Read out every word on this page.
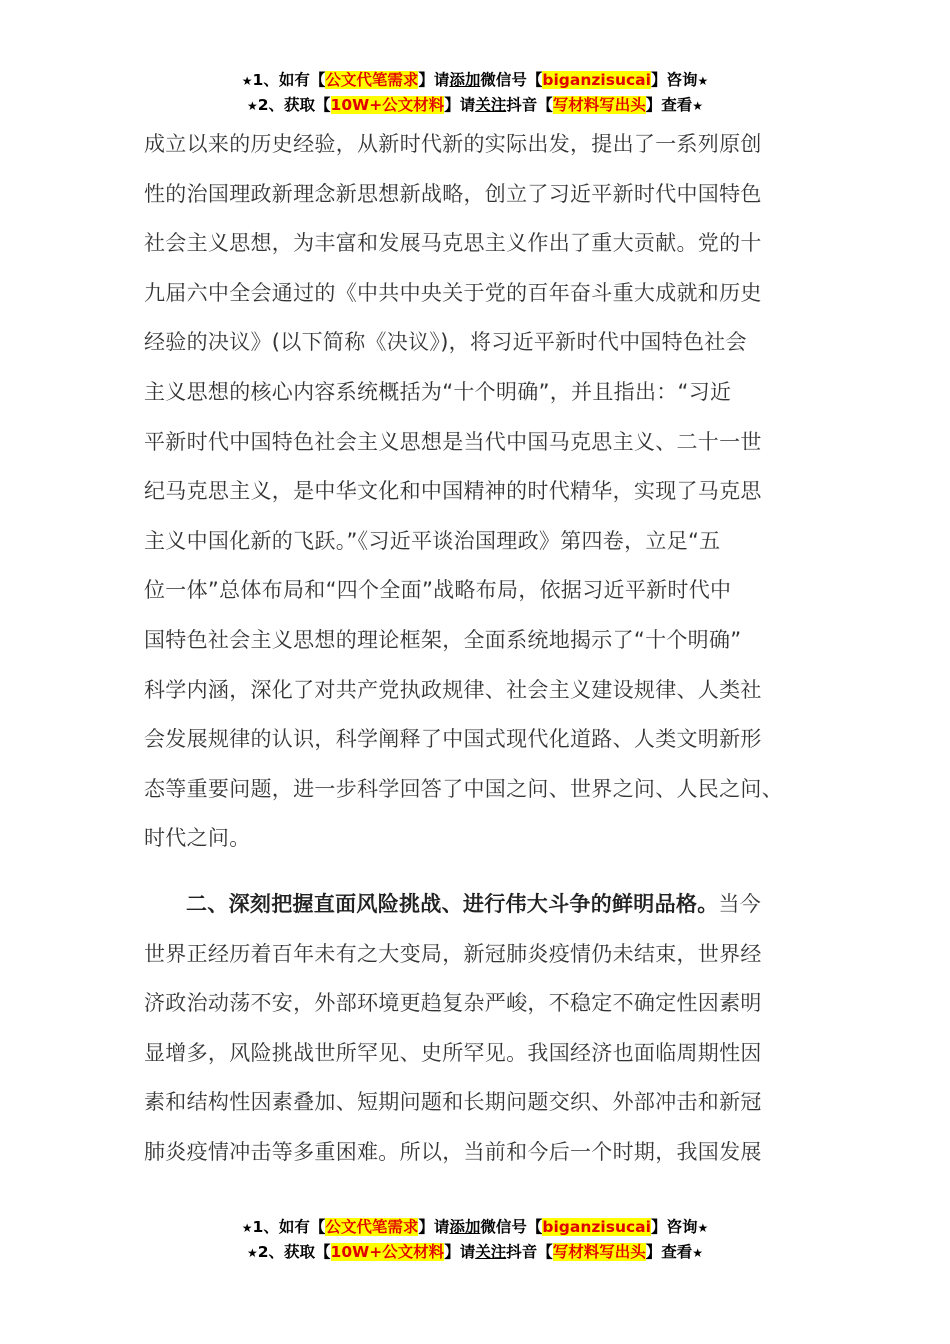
★1、如有【公文代笔需求】请添加微信号【biganzisucai】咨询★
★2、获取【10W+公文材料】请关注抖音【写材料写出头】查看★
成立以来的历史经验，从新时代新的实际出发，提出了一系列原创
性的治国理政新理念新思想新战略，创立了习近平新时代中国特色
社会主义思想，为丰富和发展马克思主义作出了重大贡献。党的十
九届六中全会通过的《中共中央关于党的百年奋斗重大成就和历史
经验的决议》(以下简称《决议》)，将习近平新时代中国特色社会
主义思想的核心内容系统概括为“十个明确”，并且指出：“习近
平新时代中国特色社会主义思想是当代中国马克思主义、二十一世
纪马克思主义，是中华文化和中国精神的时代精华，实现了马克思
主义中国化新的飞跃。”《习近平谈治国理政》第四卷，立足“五
位一体”总体布局和“四个全面”战略布局，依据习近平新时代中
国特色社会主义思想的理论框架，全面系统地揭示了“十个明确”
科学内涵，深化了对共产党执政规律、社会主义建设规律、人类社
会发展规律的认识，科学阐释了中国式现代化道路、人类文明新形
态等重要问题，进一步科学回答了中国之问、世界之问、人民之问、
时代之问。
二、深刻把握直面风险挑战、进行伟大斗争的鲜明品格。当今
世界正经历着百年未有之大变局，新冠肺炎疫情仍未结束，世界经
济政治动荡不安，外部环境更趋复杂严峻，不稳定不确定性因素明
显增多，风险挑战世所罕见、史所罕见。我国经济也面临周期性因
素和结构性因素叠加、短期问题和长期问题交织、外部冲击和新冠
肺炎疫情冲击等多重困难。所以，当前和今后一个时期，我国发展
★1、如有【公文代笔需求】请添加微信号【biganzisucai】咨询★
★2、获取【10W+公文材料】请关注抖音【写材料写出头】查看★
